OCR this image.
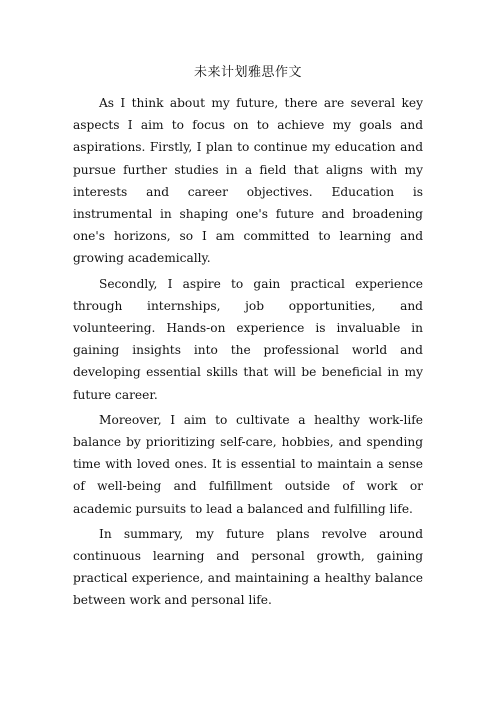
未来计划雅思作文

As I think about my future, there are several key aspects I aim to focus on to achieve my goals and aspirations. Firstly, I plan to continue my education and pursue further studies in a field that aligns with my interests and career objectives. Education is instrumental in shaping one's future and broadening one's horizons, so I am committed to learning and growing academically.

Secondly, I aspire to gain practical experience through internships, job opportunities, and volunteering. Hands-on experience is invaluable in gaining insights into the professional world and developing essential skills that will be beneficial in my future career.

Moreover, I aim to cultivate a healthy work-life balance by prioritizing self-care, hobbies, and spending time with loved ones. It is essential to maintain a sense of well-being and fulfillment outside of work or academic pursuits to lead a balanced and fulfilling life.

In summary, my future plans revolve around continuous learning and personal growth, gaining practical experience, and maintaining a healthy balance between work and personal life.
